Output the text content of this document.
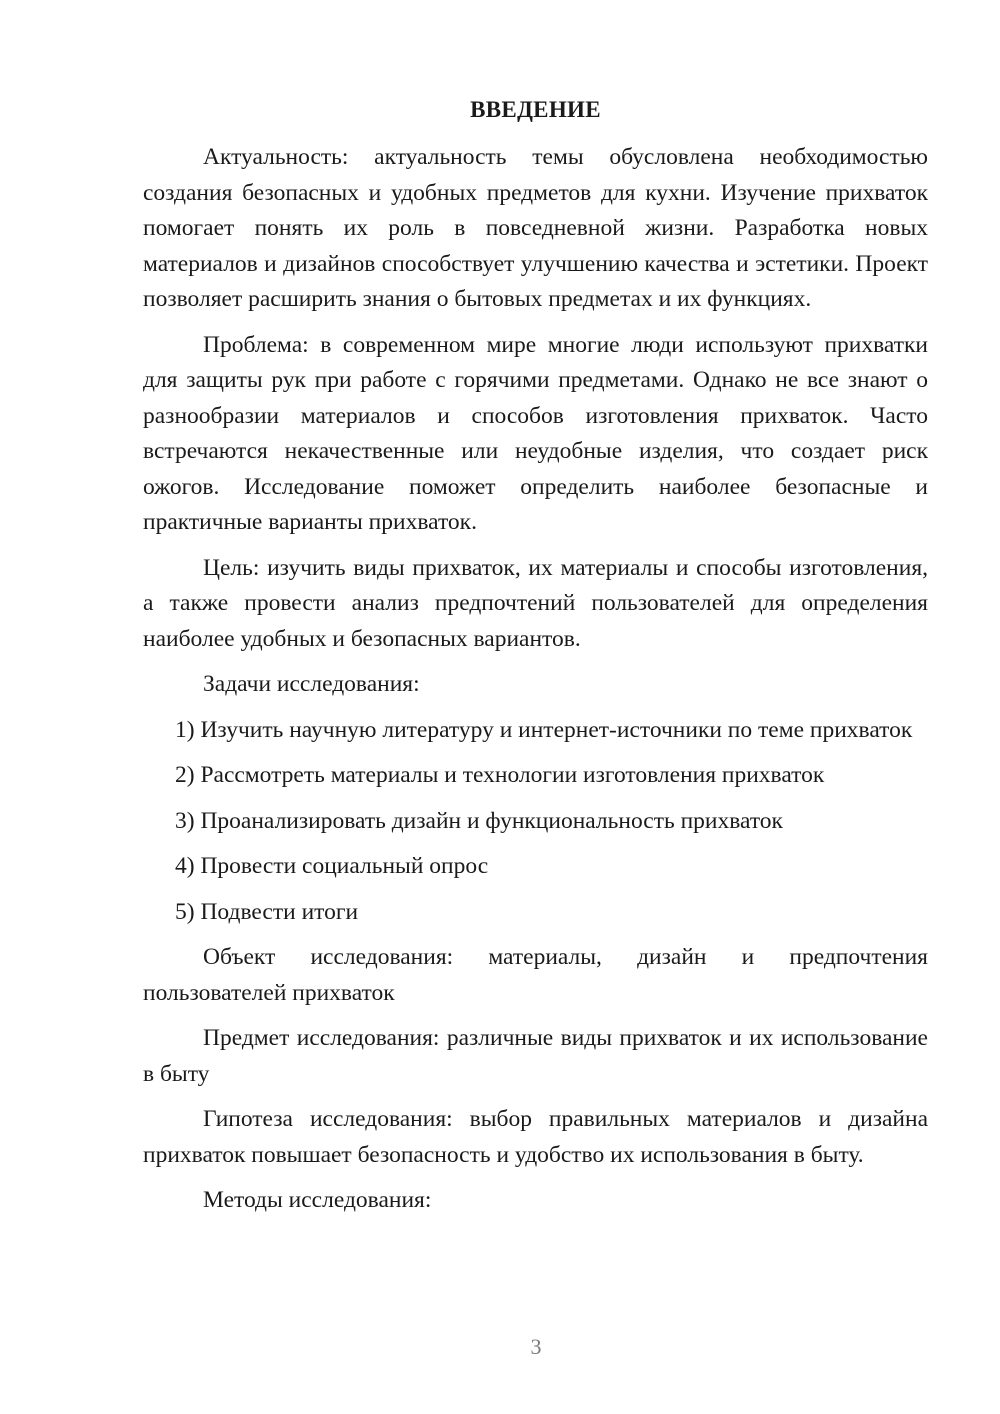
ВВЕДЕНИЕ

Актуальность: актуальность темы обусловлена необходимостью создания безопасных и удобных предметов для кухни. Изучение прихваток помогает понять их роль в повседневной жизни. Разработка новых материалов и дизайнов способствует улучшению качества и эстетики. Проект позволяет расширить знания о бытовых предметах и их функциях.

Проблема: в современном мире многие люди используют прихватки для защиты рук при работе с горячими предметами. Однако не все знают о разнообразии материалов и способов изготовления прихваток. Часто встречаются некачественные или неудобные изделия, что создает риск ожогов. Исследование поможет определить наиболее безопасные и практичные варианты прихваток.

Цель: изучить виды прихваток, их материалы и способы изготовления, а также провести анализ предпочтений пользователей для определения наиболее удобных и безопасных вариантов.

Задачи исследования:

1) Изучить научную литературу и интернет-источники по теме прихваток

2) Рассмотреть материалы и технологии изготовления прихваток

3) Проанализировать дизайн и функциональность прихваток

4) Провести социальный опрос

5) Подвести итоги

Объект исследования: материалы, дизайн и предпочтения пользователей прихваток

Предмет исследования: различные виды прихваток и их использование в быту

Гипотеза исследования: выбор правильных материалов и дизайна прихваток повышает безопасность и удобство их использования в быту.

Методы исследования:

3
